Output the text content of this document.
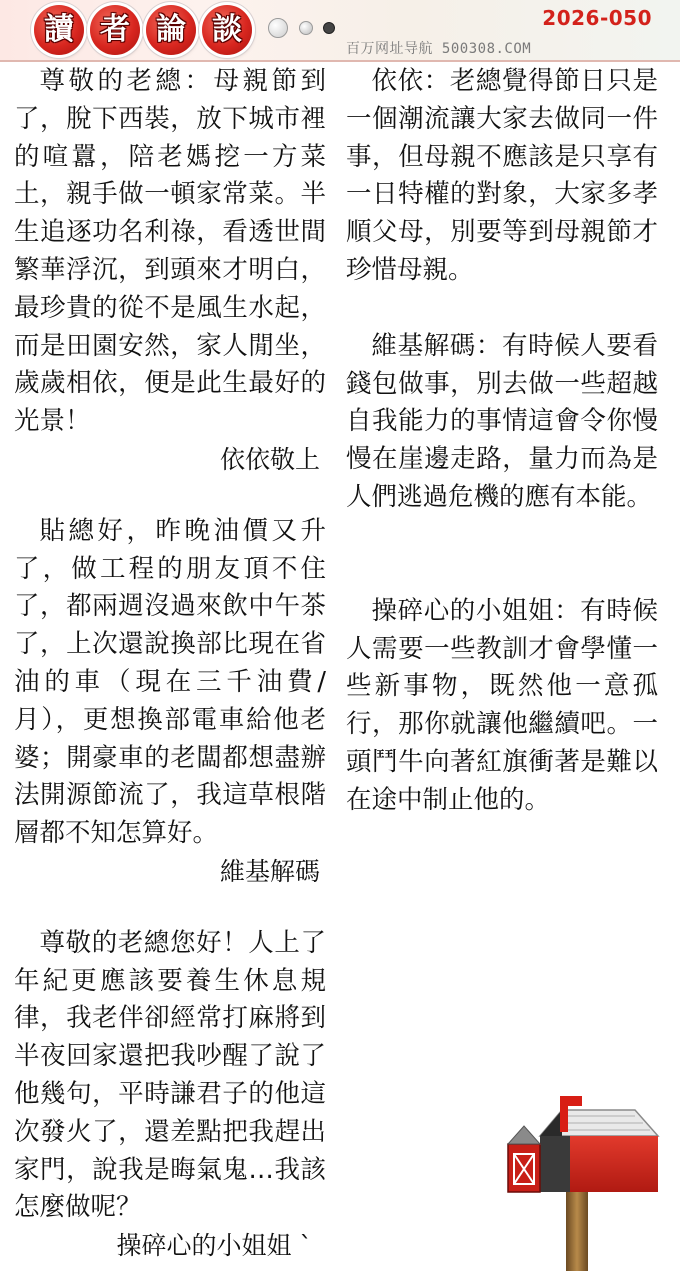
讀 者 論 談	2026-050
百万网址导航 500308.COM

尊敬的老總：母親節到了，脫下西裝，放下城市裡的喧囂，陪老媽挖一方菜土，親手做一頓家常菜。半生追逐功名利祿，看透世間繁華浮沉，到頭來才明白，最珍貴的從不是風生水起，而是田園安然，家人閒坐，歲歲相依，便是此生最好的光景！

依依敬上

貼總好，昨晚油價又升了，做工程的朋友頂不住了，都兩週沒過來飲中午茶了，上次還說換部比現在省油的車（現在三千油費/月），更想換部電車給他老婆；開豪車的老闆都想盡辦法開源節流了，我這草根階層都不知怎算好。

維基解碼

尊敬的老總您好！人上了年紀更應該要養生休息規律，我老伴卻經常打麻將到半夜回家還把我吵醒了說了他幾句，平時謙君子的他這次發火了，還差點把我趕出家門，說我是晦氣鬼…我該怎麼做呢？

操碎心的小姐姐 `

依依：老總覺得節日只是一個潮流讓大家去做同一件事，但母親不應該是只享有一日特權的對象，大家多孝順父母，別要等到母親節才珍惜母親。

維基解碼：有時候人要看錢包做事，別去做一些超越自我能力的事情這會令你慢慢在崖邊走路，量力而為是人們逃過危機的應有本能。

操碎心的小姐姐：有時候人需要一些教訓才會學懂一些新事物，既然他一意孤行，那你就讓他繼續吧。一頭鬥牛向著紅旗衝著是難以在途中制止他的。
